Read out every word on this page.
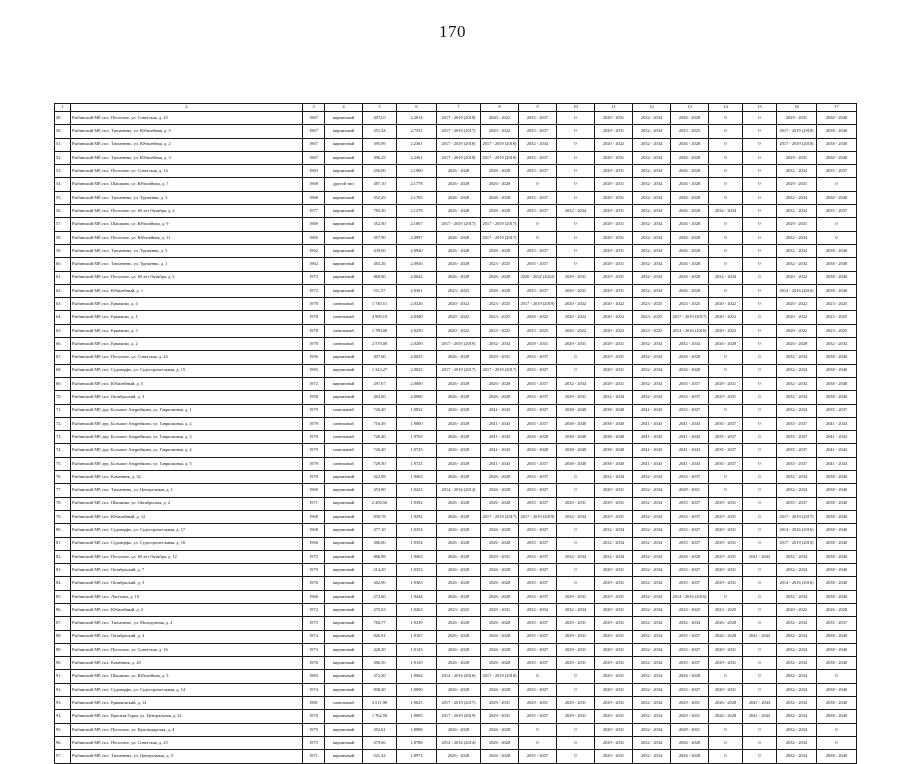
170
1	2	3	4	5	6	7	8	9	10	11	12	13	14	15	16	17
49.	Рыбинский МР, пос. Песочное, ул. Советская, д. 10	1967	кирпичный	2072,0	2,2014	2017 - 2019 (2018)	2020 - 2022	2035 - 2037	0	2029 - 2031	2032 - 2034	2026 - 2028	0	0	2029 - 2031	2038 - 2040
50.	Рыбинский МР, пос. Тихменево, ул. Юбилейная, д. 5	1967	кирпичный	351,34	2,7351	2017 - 2019 (2017)	2020 - 2022	2035 - 2037	0	2029 - 2031	2032 - 2034	2023 - 2025	0	0	2017 - 2019 (2018)	2038 - 2040
51.	Рыбинский МР, пос. Тихменево, ул. Юбилейная, д. 2	1967	кирпичный	395,99	2,2361	2017 - 2019 (2018)	2017 - 2019 (2018)	2032 - 2034	0	2020 - 2022	2032 - 2034	2026 - 2028	0	0	2017 - 2019 (2018)	2038 - 2040
52.	Рыбинский МР, пос. Тихменево, ул. Юбилейная, д. 3	1967	кирпичный	396,25	2,2361	2017 - 2019 (2018)	2017 - 2019 (2018)	2035 - 2037	0	2029 - 2031	2032 - 2034	2026 - 2028	0	0	2029 - 2031	2038 - 2040
53.	Рыбинский МР, пос. Песочное, ул. Советская, д. 14	1983	кирпичный	256,00	2,1960	2026 - 2028	2026 - 2028	2035 - 2037	0	2029 - 2031	2032 - 2034	2026 - 2028	0	0	2032 - 2034	2035 - 2037
54.	Рыбинский МР, пос. Шашково, ул. Юбилейная, д. 7	1968	другой тип	487,10	2,1778	2026 - 2028	2026 - 2028	0	0	2029 - 2031	2032 - 2034	2026 - 2028	0	0	2029 - 2031	0
55.	Рыбинский МР, пос. Тихменево, ул. Труженик, д. 3	1968	кирпичный	352,29	2,1765	2026 - 2028	2026 - 2028	2035 - 2037	0	2029 - 2031	2032 - 2034	2026 - 2028	0	0	2032 - 2034	2038 - 2040
56.	Рыбинский МР, пос. Песочное, ул. 60 лет Октября, д. 4	1977	кирпичный	783,30	2,1278	2026 - 2028	2026 - 2028	2035 - 2037	2032 - 2034	2029 - 2031	2032 - 2034	2026 - 2028	2032 - 2034	0	2032 - 2034	2035 - 2037
57.	Рыбинский МР, пос. Шашково, ул. Юбилейная, д. 9	1969	кирпичный	352,50	2,1067	2017 - 2019 (2017)	2017 - 2019 (2017)	0	0	2029 - 2031	2032 - 2034	2026 - 2028	0	0	2029 - 2031	0
58.	Рыбинский МР, пос. Песочное, ул. Юбилейная, д. 11	1965	кирпичный	357,90	2,0997	2026 - 2028	2017 - 2019 (2017)	0	0	2029 - 2031	2032 - 2034	2026 - 2028	0	0	2032 - 2034	0
59.	Рыбинский МР, пос. Тихменево, ул. Труженик, д. 5	1962	кирпичный	439,60	2,0940	2026 - 2028	2026 - 2028	2035 - 2037	0	2029 - 2031	2032 - 2034	2026 - 2028	0	0	2032 - 2034	2038 - 2040
60.	Рыбинский МР, пос. Тихменево, ул. Труженик, д. 1	1962	кирпичный	483,26	2,0936	2026 - 2028	2023 - 2025	2035 - 2037	0	2029 - 2031	2032 - 2034	2026 - 2028	0	0	2032 - 2034	2038 - 2040
61.	Рыбинский МР, пос. Песочное, ул. 60 лет Октября, д. 2	1973	кирпичный	860,00	2,0642	2026 - 2028	2026 - 2028	2020 - 2022 (2022)	2029 - 2031	2029 - 2031	2032 - 2034	2026 - 2028	2032 - 2034	0	2020 - 2022	2038 - 2040
62.	Рыбинский МР, пос. Юбилейный, д. 1	1972	кирпичный	511,57	2,0361	2023 - 2025	2026 - 2028	2035 - 2037	2029 - 2031	2029 - 2031	2032 - 2034	2026 - 2028	0	0	2014 - 2016 (2016)	2038 - 2040
63.	Рыбинский МР, пос. Ермаково, д. 4	1978	панельный	1 740,51	2,0326	2020 - 2022	2023 - 2025	2017 - 2019 (2019)	2020 - 2022	2020 - 2022	2023 - 2025	2023 - 2025	2020 - 2022	0	2020 - 2022	2023 - 2025
64.	Рыбинский МР, пос. Ермаково, д. 1	1978	панельный	4 909,10	2,0300	2020 - 2022	2023 - 2025	2020 - 2022	2020 - 2022	2020 - 2022	2023 - 2025	2017 - 2019 (2017)	2020 - 2022	0	2020 - 2022	2023 - 2025
65.	Рыбинский МР, пос. Ермаково, д. 3	1978	панельный	1 780,00	2,0250	2020 - 2022	2023 - 2025	2023 - 2025	2020 - 2022	2020 - 2022	2023 - 2025	2014 - 2016 (2016)	2020 - 2022	0	2020 - 2022	2023 - 2025
66.	Рыбинский МР, пос. Ермаково, д. 2	1978	панельный	2 570,00	2,0200	2017 - 2019 (2019)	2032 - 2034	2029 - 2031	2029 - 2031	2029 - 2031	2032 - 2034	2032 - 2034	2026 - 2028	0	2026 - 2028	2032 - 2034
67.	Рыбинский МР, пос. Песочное, ул. Советская, д. 24	1956	кирпичный	407,60	2,0025	2026 - 2028	2029 - 2031	2035 - 2037	0	2029 - 2031	2032 - 2034	2026 - 2028	0	0	2032 - 2034	2038 - 2040
68.	Рыбинский МР, пос. Судоверфь, ул. Судостроительная, д. 15	1983	кирпичный	1 343,27	2,0025	2017 - 2019 (2017)	2017 - 2019 (2017)	2035 - 2037	0	2029 - 2031	2032 - 2034	2026 - 2028	0	0	2032 - 2034	2038 - 2040
69.	Рыбинский МР, пос. Юбилейный, д. 5	1972	кирпичный	297,67	2,0000	2026 - 2028	2026 - 2028	2035 - 2037	2032 - 2034	2029 - 2031	2032 - 2034	2035 - 2037	2029 - 2031	0	2032 - 2034	2038 - 2040
70.	Рыбинский МР, пос. Октябрьский, д. 3	1958	кирпичный	263,00	2,0000	2026 - 2028	2026 - 2028	2035 - 2037	2029 - 2031	2032 - 2034	2032 - 2034	2035 - 2037	2029 - 2031	0	2032 - 2034	2038 - 2040
71.	Рыбинский МР, дер. Большое Андрейково, ул. Гаврилковая, д. 1	1979	панельный	726,40	1,9832	2026 - 2028	2041 - 2043	2035 - 2037	2038 - 2040	2038 - 2040	2041 - 2043	2035 - 2037	0	0	2032 - 2034	2035 - 2037
72.	Рыбинский МР, дер. Большое Андрейково, ул. Гаврилковая, д. 2	1979	панельный	716,49	1,9800	2026 - 2028	2041 - 2043	2035 - 2037	2038 - 2040	2038 - 2040	2041 - 2043	2041 - 2043	2035 - 2037	0	2035 - 2037	2041 - 2043
73.	Рыбинский МР, дер. Большое Андрейково, ул. Гаврилковая, д. 3	1979	панельный	726,40	1,9763	2026 - 2028	2041 - 2043	2026 - 2028	2038 - 2040	2038 - 2040	2041 - 2043	2041 - 2043	2035 - 2037	0	2035 - 2037	2041 - 2043
74.	Рыбинский МР, дер. Большое Андрейково, ул. Гаврилковая, д. 4	1979	панельный	726,40	1,9725	2026 - 2028	2041 - 2043	2026 - 2028	2038 - 2040	2038 - 2040	2041 - 2043	2041 - 2043	2035 - 2037	0	2035 - 2037	2041 - 2043
75.	Рыбинский МР, дер. Большое Андрейково, ул. Гаврилковая, д. 5	1979	панельный	729,30	1,9725	2026 - 2028	2041 - 2043	2035 - 2037	2038 - 2040	2038 - 2040	2041 - 2043	2041 - 2043	2035 - 2037	0	2035 - 2037	2041 - 2043
76.	Рыбинский МР, пос. Каменник, д. 32	1970	кирпичный	322,98	1,9403	2026 - 2028	2026 - 2028	2035 - 2037	0	2032 - 2034	2032 - 2034	2035 - 2037	0	0	2032 - 2034	2038 - 2040
77.	Рыбинский МР, пос. Тихменево, ул. Центральная, д. 1	1969	кирпичный	453,90	1,9423	2014 - 2016 (2014)	2026 - 2028	2035 - 2037	0	2029 - 2031	2032 - 2034	2029 - 2031	0	0	2032 - 2034	2038 - 2040
78.	Рыбинский МР, пос. Шашково, ул. Октябрьская, д. 2	1971	кирпичный	2 206,56	1,9392	2026 - 2028	2026 - 2028	2035 - 2037	2029 - 2031	2029 - 2031	2032 - 2034	2035 - 2037	2029 - 2031	0	2035 - 2037	2038 - 2040
79.	Рыбинский МР, пос. Юбилейный, д. 12	1968	кирпичный	839,78	1,9392	2026 - 2028	2017 - 2019 (2017)	2017 - 2019 (2019)	2032 - 2034	2029 - 2031	2032 - 2034	2035 - 2037	2029 - 2031	0	2017 - 2019 (2017)	2038 - 2040
80.	Рыбинский МР, пос. Судоверфь, ул. Судостроительная, д. 17	1968	кирпичный	477,10	1,9354	2026 - 2028	2026 - 2028	2035 - 2037	0	2032 - 2034	2032 - 2034	2035 - 2037	2029 - 2031	0	2014 - 2016 (2016)	2038 - 2040
81.	Рыбинский МР, пос. Судоверфь, ул. Судостроительная, д. 16	1968	кирпичный	386,00	1,9354	2026 - 2028	2026 - 2028	2035 - 2037	0	2032 - 2034	2032 - 2034	2035 - 2037	2029 - 2031	0	2017 - 2019 (2019)	2038 - 2040
82.	Рыбинский МР, пос. Песочное, ул. 60 лет Октября, д. 12	1975	кирпичный	866,98	1,9403	2026 - 2028	2029 - 2031	2035 - 2037	2032 - 2034	2032 - 2034	2032 - 2034	2026 - 2028	2029 - 2031	2041 - 2043	2032 - 2034	2038 - 2040
83.	Рыбинский МР, пос. Октябрьский, д. 7	1970	кирпичный	214,20	1,9353	2026 - 2028	2026 - 2028	2035 - 2037	0	2029 - 2031	2032 - 2034	2035 - 2037	2029 - 2031	0	2032 - 2034	2038 - 2040
84.	Рыбинский МР, пос. Октябрьский, д. 5	1976	кирпичный	362,00	1,9383	2026 - 2028	2026 - 2028	2035 - 2037	0	2029 - 2031	2032 - 2034	2035 - 2037	2029 - 2031	0	2014 - 2016 (2016)	2038 - 2040
85.	Рыбинский МР, пос. Ласточка, д. 10	1966	кирпичный	272,60	1,9444	2026 - 2028	2026 - 2028	2035 - 2037	2029 - 2031	2029 - 2031	2032 - 2034	2014 - 2016 (2016)	0	0	2032 - 2034	2038 - 2040
86.	Рыбинский МР, пос. Юбилейный, д. 2	1972	кирпичный	275,63	1,9263	2023 - 2025	2029 - 2031	2032 - 2034	2032 - 2034	2029 - 2031	2032 - 2034	2023 - 2025	2023 - 2025	0	2020 - 2022	2026 - 2028
87.	Рыбинский МР, пос. Тихменево, ул. Молодежная, д. 4	1975	кирпичный	784,77	1,9239	2026 - 2028	2026 - 2028	2035 - 2037	2029 - 2031	2029 - 2031	2032 - 2034	2032 - 2034	2026 - 2028	0	2032 - 2034	2035 - 2037
88.	Рыбинский МР, пос. Октябрьский, д. 4	1974	кирпичный	826,91	1,9167	2026 - 2028	2026 - 2028	2035 - 2037	2029 - 2031	2029 - 2031	2032 - 2034	2035 - 2037	2026 - 2028	2041 - 2043	2032 - 2034	2038 - 2040
89.	Рыбинский МР, пос. Песочное, ул. Советская, д. 16	1973	кирпичный	428,50	1,9143	2026 - 2028	2026 - 2028	2035 - 2037	2029 - 2031	2029 - 2031	2032 - 2034	2035 - 2037	2029 - 2031	0	2032 - 2034	2038 - 2040
90.	Рыбинский МР, пос. Каменник, д. 20	1976	кирпичный	386,50	1,9129	2026 - 2028	2026 - 2028	2035 - 2037	2029 - 2031	2029 - 2031	2032 - 2034	2035 - 2037	2029 - 2031	0	2032 - 2034	2038 - 2040
91.	Рыбинский МР, пос. Шашково, ул. Юбилейная, д. 5	1983	кирпичный	372,30	1,9064	2014 - 2016 (2016)	2017 - 2019 (2018)	0	0	2029 - 2031	2032 - 2034	2026 - 2028	0	0	2032 - 2034	0
92.	Рыбинский МР, пос. Судоверфь, ул. Судостроительная, д. 14	1974	кирпичный	838,30	1,9090	2026 - 2028	2026 - 2028	2035 - 2037	0	2029 - 2031	2032 - 2034	2035 - 2037	2029 - 2031	0	2032 - 2034	2038 - 2040
93.	Рыбинский МР, пос. Ермаковский, д. 14	1981	панельный	3 511,98	1,9025	2017 - 2019 (2017)	2029 - 2031	2029 - 2031	2029 - 2031	2029 - 2031	2032 - 2034	2029 - 2031	2026 - 2028	2041 - 2043	2032 - 2034	2038 - 2040
94.	Рыбинский МР, пос. Красная Горка, ул. Центральная, д. 21	1970	кирпичный	1 762,58	1,9005	2017 - 2019 (2019)	2029 - 2031	2035 - 2037	2029 - 2031	2029 - 2031	2032 - 2034	2029 - 2031	2026 - 2028	2041 - 2043	2032 - 2034	2038 - 2040
95.	Рыбинский МР, пос. Песочное, ул. Краснодарская, д. 4	1975	кирпичный	352,61	1,8988	2026 - 2028	2026 - 2028	0	0	2029 - 2031	2032 - 2034	2029 - 2031	0	0	2032 - 2034	0
96.	Рыбинский МР, пос. Песочное, ул. Советская, д. 25	1975	кирпичный	479,66	1,8788	2014 - 2016 (2014)	2026 - 2028	0	0	2029 - 2031	2032 - 2034	2026 - 2028	0	0	2032 - 2034	0
97.	Рыбинский МР, пос. Тихменево, ул. Центральная, д. 5	1971	кирпичный	521,32	1,8973	2026 - 2028	2026 - 2028	2035 - 2037	0	2029 - 2031	2032 - 2034	2026 - 2028	0	0	2032 - 2034	2038 - 2040
